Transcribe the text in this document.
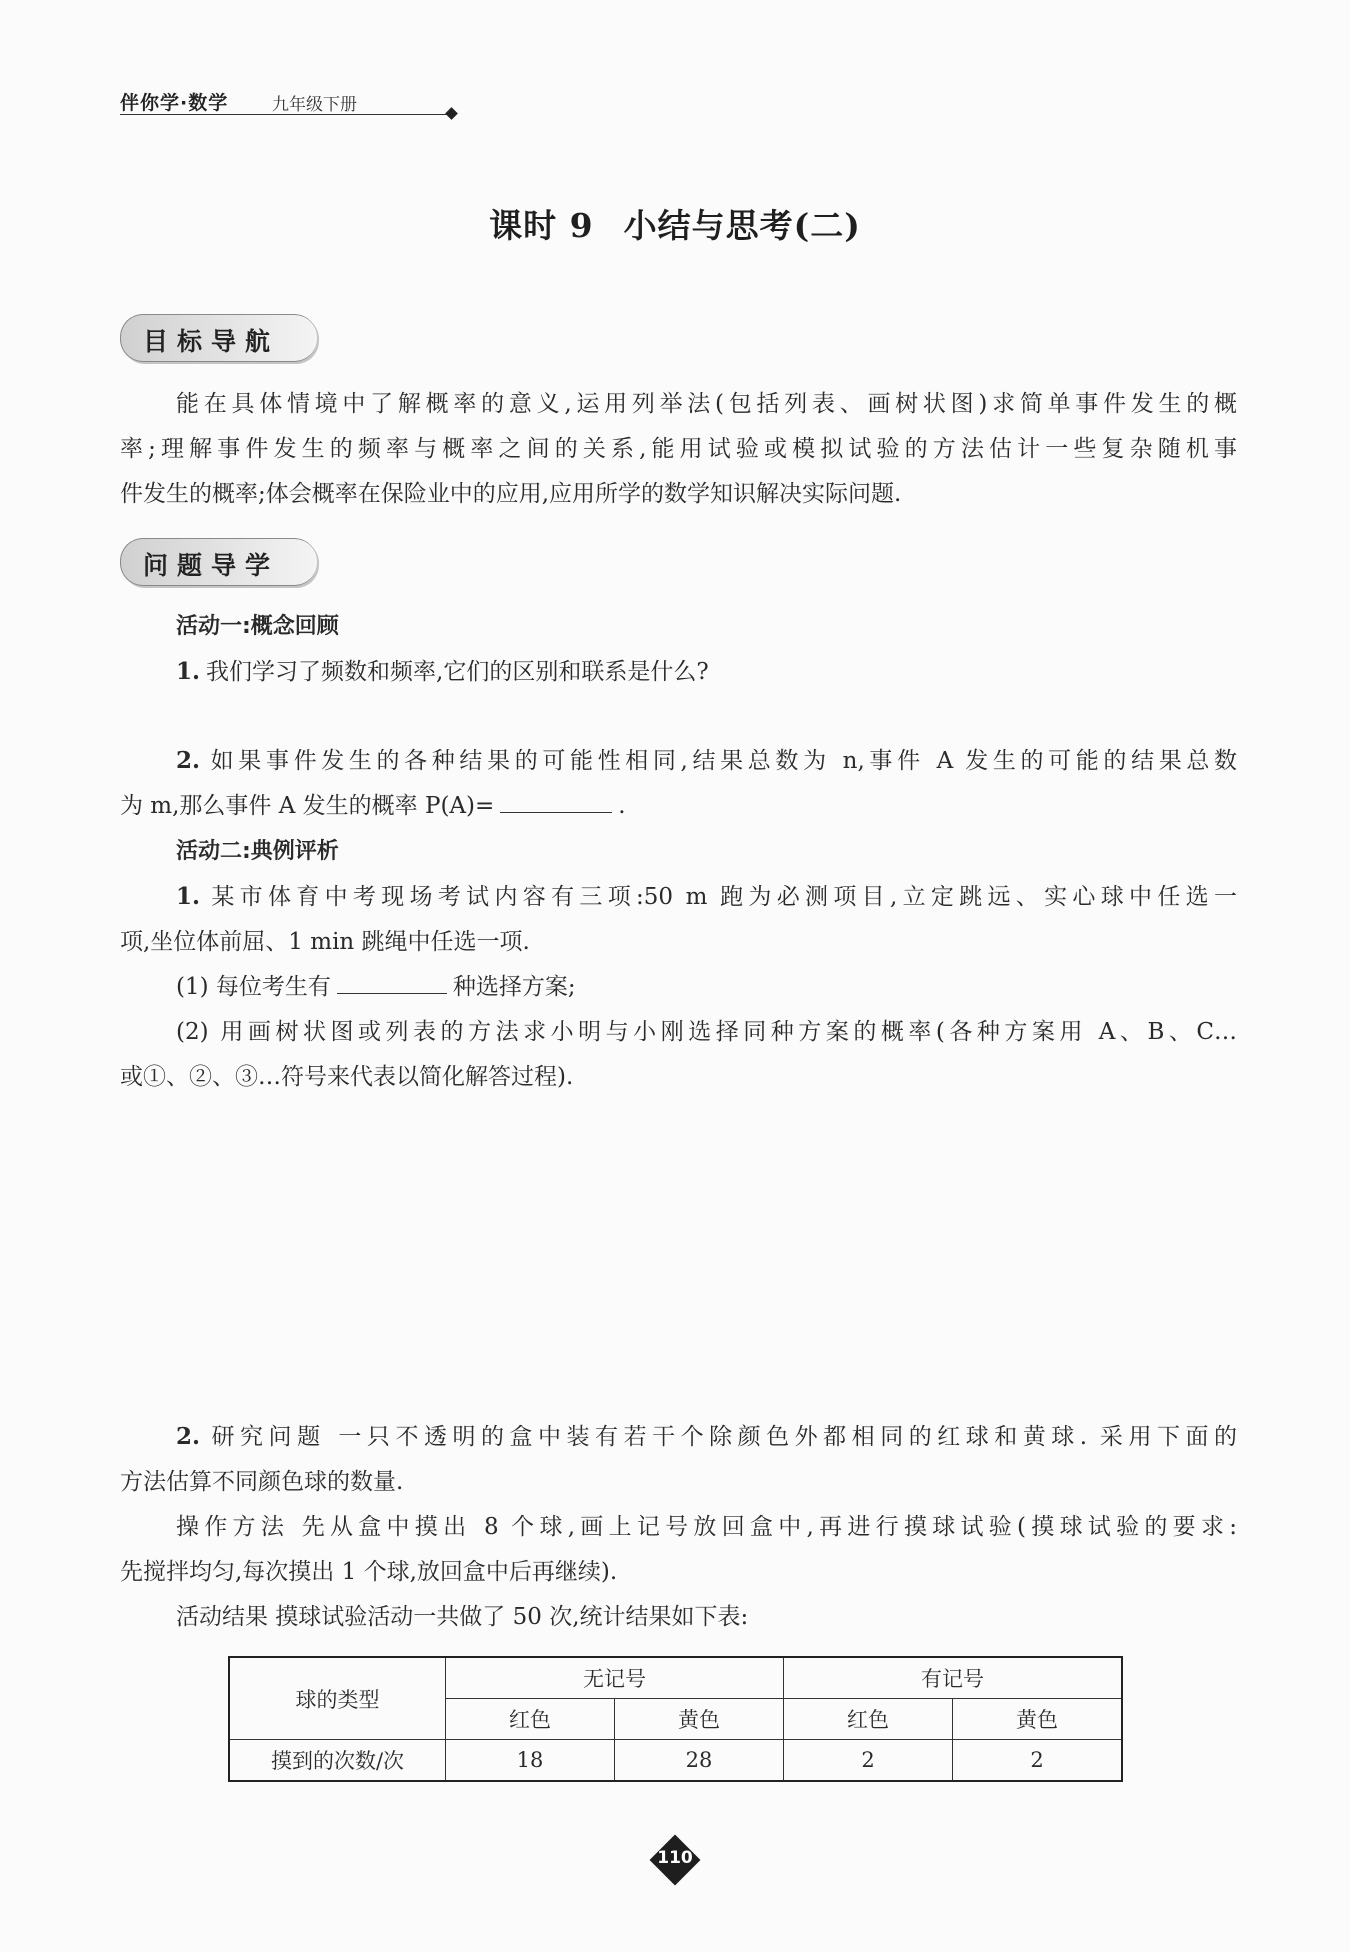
伴你学·数学	九年级下册
课时 9 小结与思考(二)
目标导航
能在具体情境中了解概率的意义,运用列举法(包括列表、画树状图)求简单事件发生的概
率;理解事件发生的频率与概率之间的关系,能用试验或模拟试验的方法估计一些复杂随机事
件发生的概率;体会概率在保险业中的应用,应用所学的数学知识解决实际问题.
问题导学
活动一:概念回顾
1. 我们学习了频数和频率,它们的区别和联系是什么?
2. 如果事件发生的各种结果的可能性相同,结果总数为 n,事件 A 发生的可能的结果总数
为 m,那么事件 A 发生的概率 P(A)=	.
活动二:典例评析
1. 某市体育中考现场考试内容有三项:50 m 跑为必测项目,立定跳远、实心球中任选一
项,坐位体前屈、1 min 跳绳中任选一项.
(1) 每位考生有	种选择方案;
(2) 用画树状图或列表的方法求小明与小刚选择同种方案的概率(各种方案用 A、B、C…
或①、②、③…符号来代表以简化解答过程).
2. 研究问题 一只不透明的盒中装有若干个除颜色外都相同的红球和黄球. 采用下面的
方法估算不同颜色球的数量.
操作方法 先从盒中摸出 8 个球,画上记号放回盒中,再进行摸球试验(摸球试验的要求:
先搅拌均匀,每次摸出 1 个球,放回盒中后再继续).
活动结果 摸球试验活动一共做了 50 次,统计结果如下表:
球的类型	无记号		有记号	
	红色	黄色	红色	黄色
摸到的次数/次	18	28	2	2
110
